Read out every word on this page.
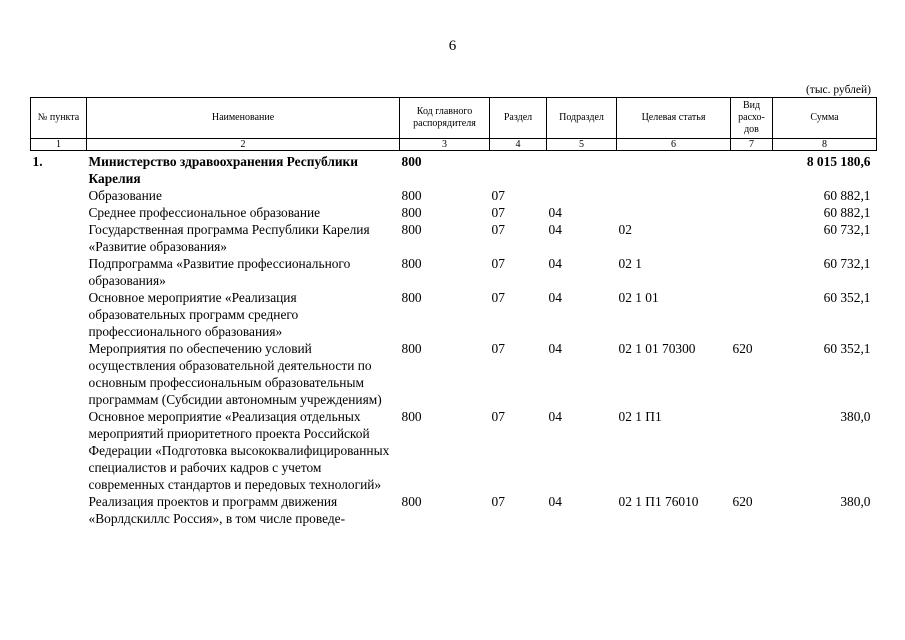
6
(тыс. рублей)
№ пункта	Наименование	Код главного распорядителя	Раздел	Подраздел	Целевая статья	Вид расхо-дов	Сумма
1	2	3	4	5	6	7	8
1.	Министерство здравоохранения Республики Карелия	800					8 015 180,6
	Образование	800	07				60 882,1
	Среднее профессиональное образование	800	07	04			60 882,1
	Государственная программа Республики Карелия «Развитие образования»	800	07	04	02		60 732,1
	Подпрограмма «Развитие профессионального образования»	800	07	04	02 1		60 732,1
	Основное мероприятие «Реализация образовательных программ среднего профессионального образования»	800	07	04	02 1 01		60 352,1
	Мероприятия по обеспечению условий осуществления образовательной деятельности по основным профессиональным образовательным программам (Субсидии автономным учреждениям)	800	07	04	02 1 01 70300	620	60 352,1
	Основное мероприятие «Реализация отдельных мероприятий приоритетного проекта Российской Федерации «Подготовка высококвалифицированных специалистов и рабочих кадров с учетом современных стандартов и передовых технологий»	800	07	04	02 1 П1		380,0
	Реализация проектов и программ движения «Ворлдскиллс Россия», в том числе проведе-	800	07	04	02 1 П1 76010	620	380,0
